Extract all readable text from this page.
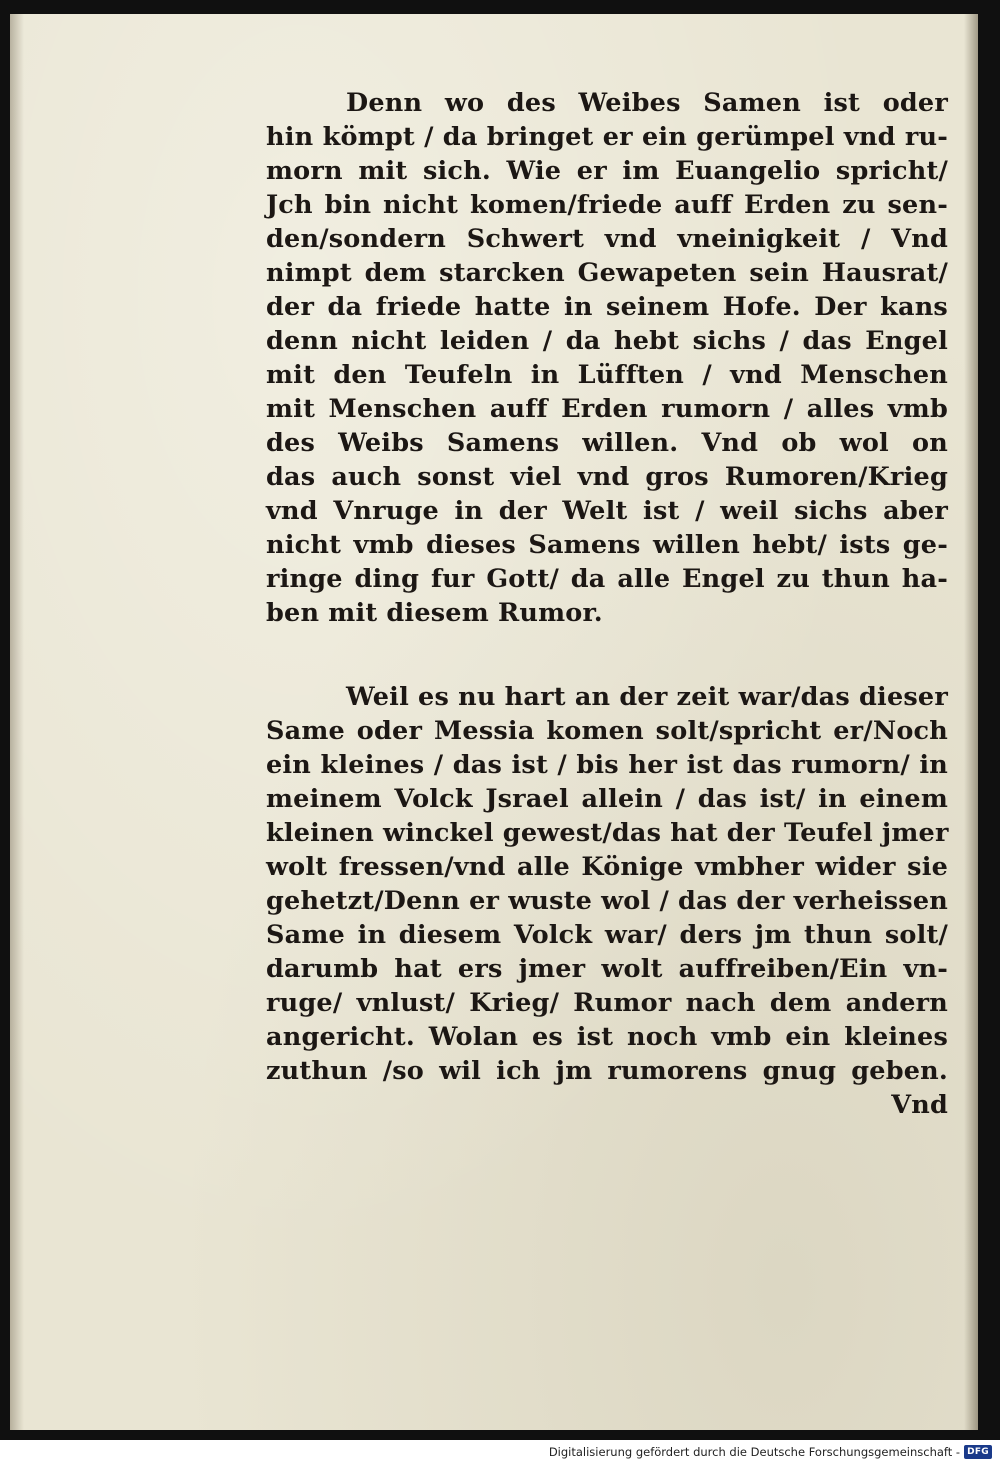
Denn wo des Weibes Samen ist oder
hin kömpt / da bringet er ein gerümpel vnd ru-
morn mit sich. Wie er im Euangelio spricht/
Jch bin nicht komen/friede auff Erden zu sen-
den/sondern Schwert vnd vneinigkeit / Vnd
nimpt dem starcken Gewapeten sein Hausrat/
der da friede hatte in seinem Hofe. Der kans
denn nicht leiden / da hebt sichs / das Engel
mit den Teufeln in Lüfften / vnd Menschen
mit Menschen auff Erden rumorn / alles vmb
des Weibs Samens willen. Vnd ob wol on
das auch sonst viel vnd gros Rumoren/Krieg
vnd Vnruge in der Welt ist / weil sichs aber
nicht vmb dieses Samens willen hebt/ ists ge-
ringe ding fur Gott/ da alle Engel zu thun ha-
ben mit diesem Rumor.
Weil es nu hart an der zeit war/das dieser
Same oder Messia komen solt/spricht er/Noch
ein kleines / das ist / bis her ist das rumorn/ in
meinem Volck Jsrael allein / das ist/ in einem
kleinen winckel gewest/das hat der Teufel jmer
wolt fressen/vnd alle Könige vmbher wider sie
gehetzt/Denn er wuste wol / das der verheissen
Same in diesem Volck war/ ders jm thun solt/
darumb hat ers jmer wolt auffreiben/Ein vn-
ruge/ vnlust/ Krieg/ Rumor nach dem andern
angericht. Wolan es ist noch vmb ein kleines
zuthun /so wil ich jm rumorens gnug geben.
Vnd
Digitalisierung gefördert durch die Deutsche Forschungsgemeinschaft - DFG
